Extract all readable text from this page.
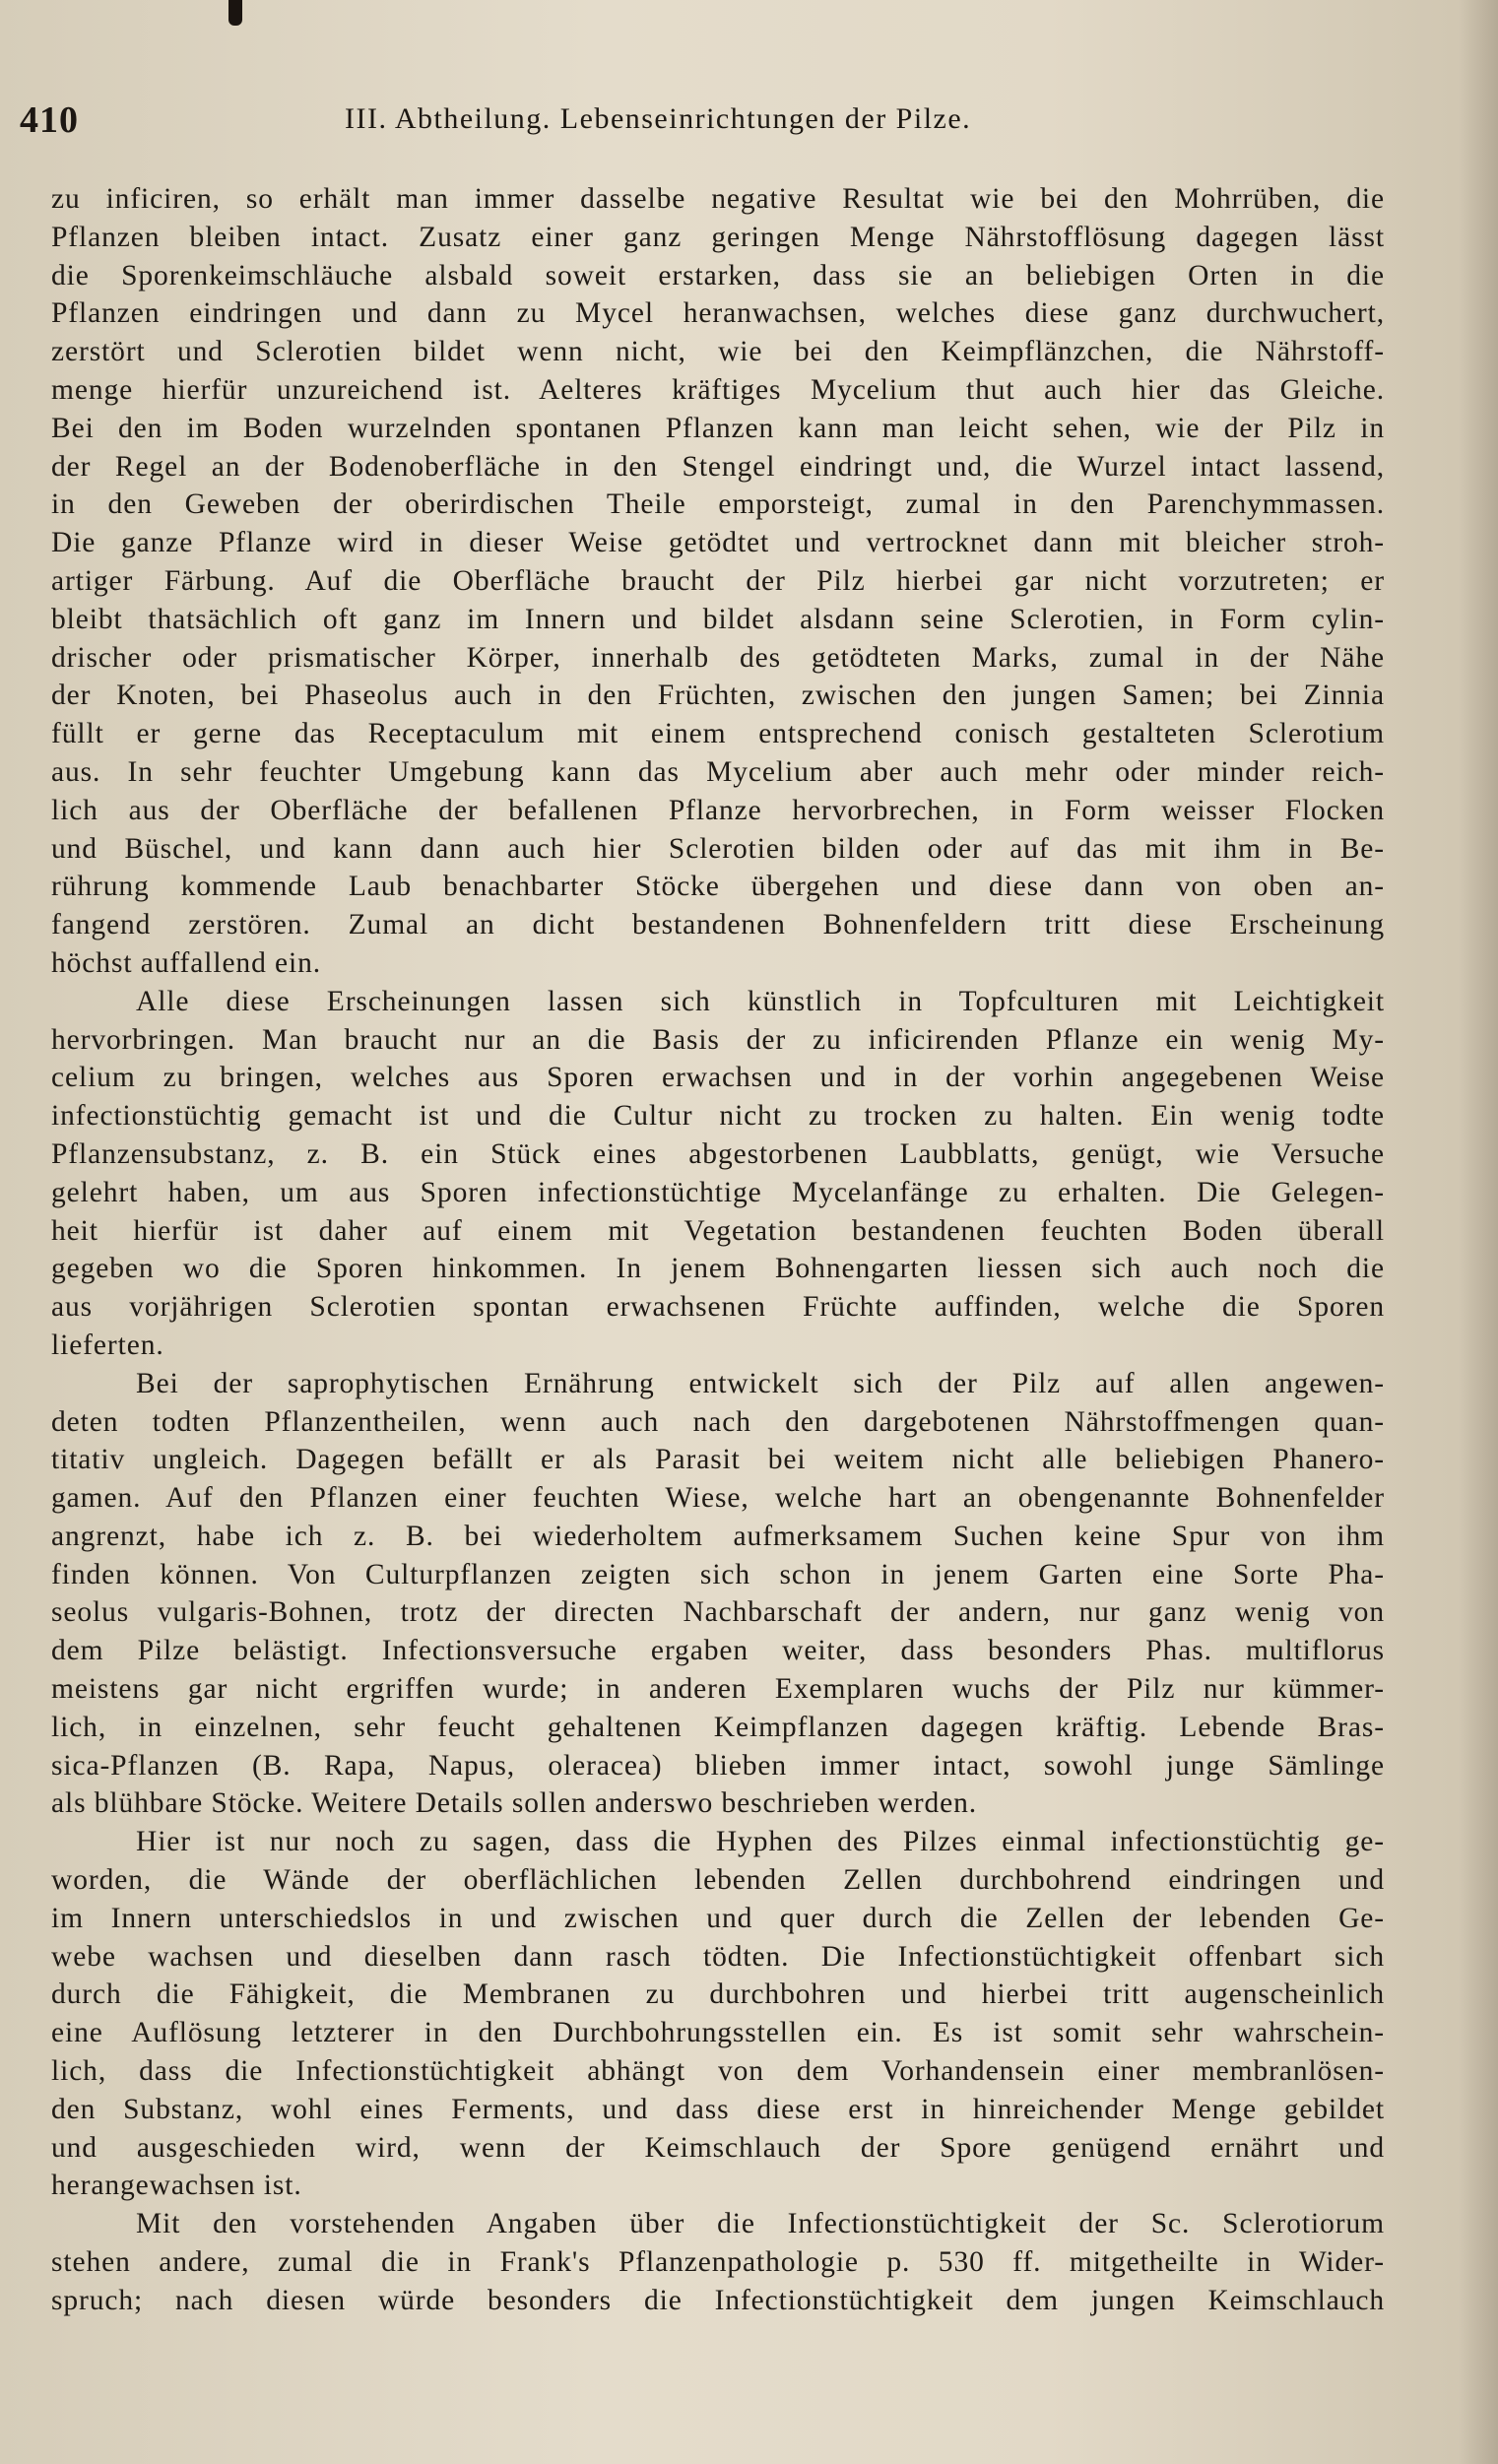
410	III. Abtheilung. Lebenseinrichtungen der Pilze.
zu inficiren, so erhält man immer dasselbe negative Resultat wie bei den Mohrrüben, die
Pflanzen bleiben intact. Zusatz einer ganz geringen Menge Nährstofflösung dagegen lässt
die Sporenkeimschläuche alsbald soweit erstarken, dass sie an beliebigen Orten in die
Pflanzen eindringen und dann zu Mycel heranwachsen, welches diese ganz durchwuchert,
zerstört und Sclerotien bildet wenn nicht, wie bei den Keimpflänzchen, die Nährstoff-
menge hierfür unzureichend ist. Aelteres kräftiges Mycelium thut auch hier das Gleiche.
Bei den im Boden wurzelnden spontanen Pflanzen kann man leicht sehen, wie der Pilz in
der Regel an der Bodenoberfläche in den Stengel eindringt und, die Wurzel intact lassend,
in den Geweben der oberirdischen Theile emporsteigt, zumal in den Parenchymmassen.
Die ganze Pflanze wird in dieser Weise getödtet und vertrocknet dann mit bleicher stroh-
artiger Färbung. Auf die Oberfläche braucht der Pilz hierbei gar nicht vorzutreten; er
bleibt thatsächlich oft ganz im Innern und bildet alsdann seine Sclerotien, in Form cylin-
drischer oder prismatischer Körper, innerhalb des getödteten Marks, zumal in der Nähe
der Knoten, bei Phaseolus auch in den Früchten, zwischen den jungen Samen; bei Zinnia
füllt er gerne das Receptaculum mit einem entsprechend conisch gestalteten Sclerotium
aus. In sehr feuchter Umgebung kann das Mycelium aber auch mehr oder minder reich-
lich aus der Oberfläche der befallenen Pflanze hervorbrechen, in Form weisser Flocken
und Büschel, und kann dann auch hier Sclerotien bilden oder auf das mit ihm in Be-
rührung kommende Laub benachbarter Stöcke übergehen und diese dann von oben an-
fangend zerstören. Zumal an dicht bestandenen Bohnenfeldern tritt diese Erscheinung
höchst auffallend ein.
Alle diese Erscheinungen lassen sich künstlich in Topfculturen mit Leichtigkeit
hervorbringen. Man braucht nur an die Basis der zu inficirenden Pflanze ein wenig My-
celium zu bringen, welches aus Sporen erwachsen und in der vorhin angegebenen Weise
infectionstüchtig gemacht ist und die Cultur nicht zu trocken zu halten. Ein wenig todte
Pflanzensubstanz, z. B. ein Stück eines abgestorbenen Laubblatts, genügt, wie Versuche
gelehrt haben, um aus Sporen infectionstüchtige Mycelanfänge zu erhalten. Die Gelegen-
heit hierfür ist daher auf einem mit Vegetation bestandenen feuchten Boden überall
gegeben wo die Sporen hinkommen. In jenem Bohnengarten liessen sich auch noch die
aus vorjährigen Sclerotien spontan erwachsenen Früchte auffinden, welche die Sporen
lieferten.
Bei der saprophytischen Ernährung entwickelt sich der Pilz auf allen angewen-
deten todten Pflanzentheilen, wenn auch nach den dargebotenen Nährstoffmengen quan-
titativ ungleich. Dagegen befällt er als Parasit bei weitem nicht alle beliebigen Phanero-
gamen. Auf den Pflanzen einer feuchten Wiese, welche hart an obengenannte Bohnenfelder
angrenzt, habe ich z. B. bei wiederholtem aufmerksamem Suchen keine Spur von ihm
finden können. Von Culturpflanzen zeigten sich schon in jenem Garten eine Sorte Pha-
seolus vulgaris-Bohnen, trotz der directen Nachbarschaft der andern, nur ganz wenig von
dem Pilze belästigt. Infectionsversuche ergaben weiter, dass besonders Phas. multiflorus
meistens gar nicht ergriffen wurde; in anderen Exemplaren wuchs der Pilz nur kümmer-
lich, in einzelnen, sehr feucht gehaltenen Keimpflanzen dagegen kräftig. Lebende Bras-
sica-Pflanzen (B. Rapa, Napus, oleracea) blieben immer intact, sowohl junge Sämlinge
als blühbare Stöcke. Weitere Details sollen anderswo beschrieben werden.
Hier ist nur noch zu sagen, dass die Hyphen des Pilzes einmal infectionstüchtig ge-
worden, die Wände der oberflächlichen lebenden Zellen durchbohrend eindringen und
im Innern unterschiedslos in und zwischen und quer durch die Zellen der lebenden Ge-
webe wachsen und dieselben dann rasch tödten. Die Infectionstüchtigkeit offenbart sich
durch die Fähigkeit, die Membranen zu durchbohren und hierbei tritt augenscheinlich
eine Auflösung letzterer in den Durchbohrungsstellen ein. Es ist somit sehr wahrschein-
lich, dass die Infectionstüchtigkeit abhängt von dem Vorhandensein einer membranlösen-
den Substanz, wohl eines Ferments, und dass diese erst in hinreichender Menge gebildet
und ausgeschieden wird, wenn der Keimschlauch der Spore genügend ernährt und
herangewachsen ist.
Mit den vorstehenden Angaben über die Infectionstüchtigkeit der Sc. Sclerotiorum
stehen andere, zumal die in Frank's Pflanzenpathologie p. 530 ff. mitgetheilte in Wider-
spruch; nach diesen würde besonders die Infectionstüchtigkeit dem jungen Keimschlauch
